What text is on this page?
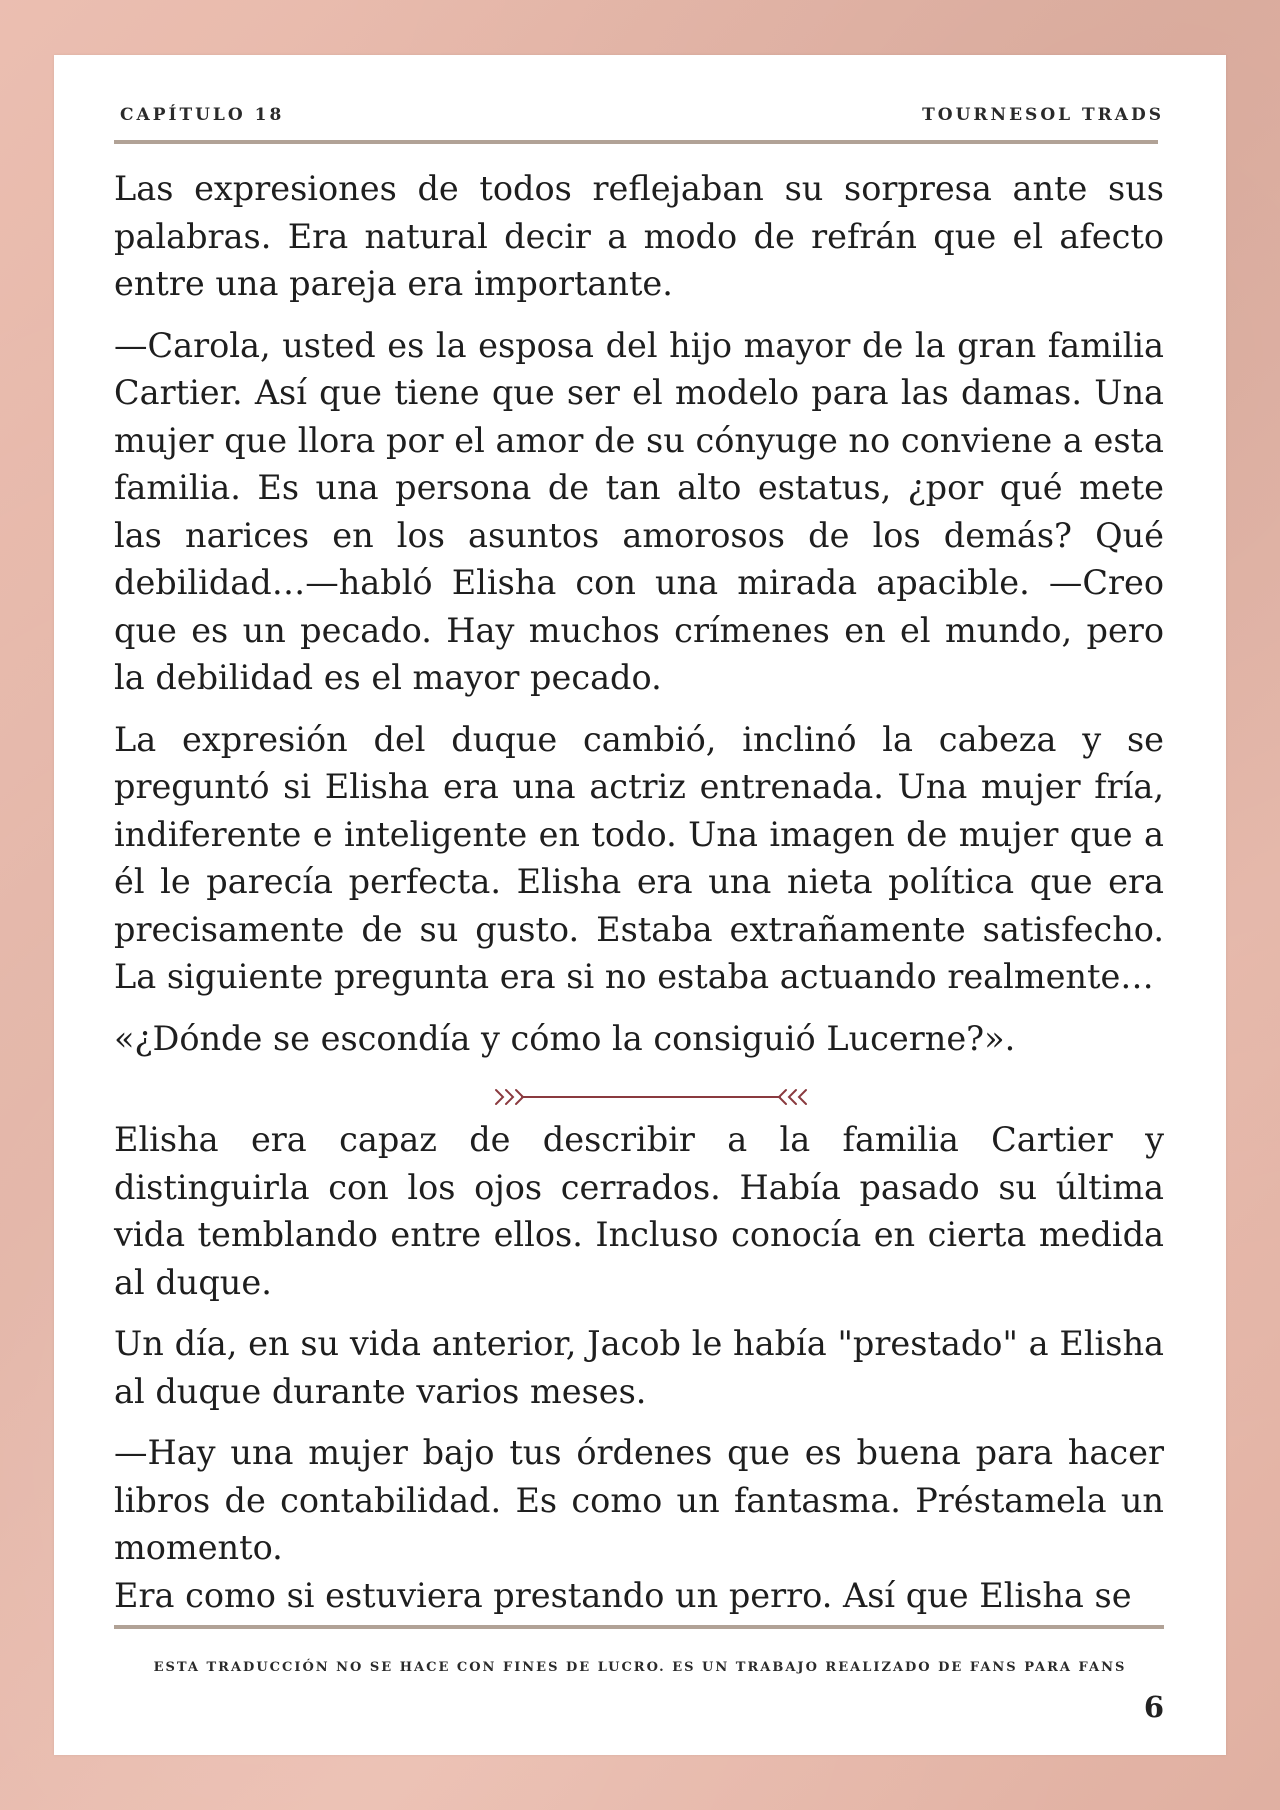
CAPÍTULO 18	TOURNESOL TRADS

Las expresiones de todos reflejaban su sorpresa ante sus palabras. Era natural decir a modo de refrán que el afecto entre una pareja era importante.

—Carola, usted es la esposa del hijo mayor de la gran familia Cartier. Así que tiene que ser el modelo para las damas. Una mujer que llora por el amor de su cónyuge no conviene a esta familia. Es una persona de tan alto estatus, ¿por qué mete las narices en los asuntos amorosos de los demás? Qué debilidad…—habló Elisha con una mirada apacible. —Creo que es un pecado. Hay muchos crímenes en el mundo, pero la debilidad es el mayor pecado.

La expresión del duque cambió, inclinó la cabeza y se preguntó si Elisha era una actriz entrenada. Una mujer fría, indiferente e inteligente en todo. Una imagen de mujer que a él le parecía perfecta. Elisha era una nieta política que era precisamente de su gusto. Estaba extrañamente satisfecho. La siguiente pregunta era si no estaba actuando realmente…

«¿Dónde se escondía y cómo la consiguió Lucerne?».

Elisha era capaz de describir a la familia Cartier y distinguirla con los ojos cerrados. Había pasado su última vida temblando entre ellos. Incluso conocía en cierta medida al duque.

Un día, en su vida anterior, Jacob le había "prestado" a Elisha al duque durante varios meses.

—Hay una mujer bajo tus órdenes que es buena para hacer libros de contabilidad. Es como un fantasma. Préstamela un momento.

Era como si estuviera prestando un perro. Así que Elisha se

ESTA TRADUCCIÓN NO SE HACE CON FINES DE LUCRO. ES UN TRABAJO REALIZADO DE FANS PARA FANS
6
